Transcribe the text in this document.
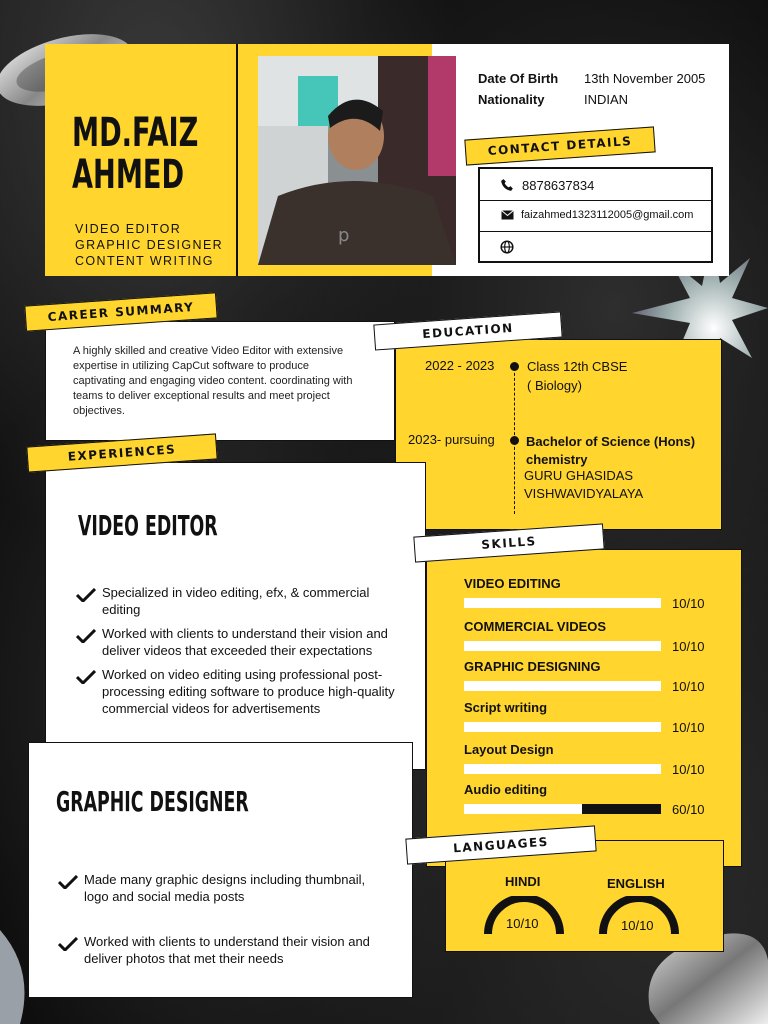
MD.FAIZ
AHMED
VIDEO EDITOR
GRAPHIC DESIGNER
CONTENT WRITING
p
Date Of Birth 13th November 2005
Nationality	INDIAN
CONTACT DETAILS
8878637834
faizahmed1323112005@gmail.com
CAREER SUMMARY
A highly skilled and creative Video Editor with extensive expertise in utilizing CapCut software to produce captivating and engaging video content. coordinating with teams to deliver exceptional results and meet project objectives.
EDUCATION
2022 - 2023	Class 12th CBSE
( Biology)
2023- pursuing Bachelor of Science (Hons) chemistry
GURU GHASIDAS
VISHWAVIDYALAYA
EXPERIENCES
VIDEO EDITOR
Specialized in video editing, efx, & commercial editing
Worked with clients to understand their vision and deliver videos that exceeded their expectations
Worked on video editing using professional post-processing editing software to produce high-quality commercial videos for advertisements
GRAPHIC DESIGNER
Made many graphic designs including thumbnail, logo and social media posts
Worked with clients to understand their vision and deliver photos that met their needs
SKILLS
VIDEO EDITING
10/10
COMMERCIAL VIDEOS
10/10
GRAPHIC DESIGNING
10/10
Script writing
10/10
Layout Design
10/10
Audio editing
60/10
LANGUAGES
HINDI	ENGLISH
10/10	10/10
